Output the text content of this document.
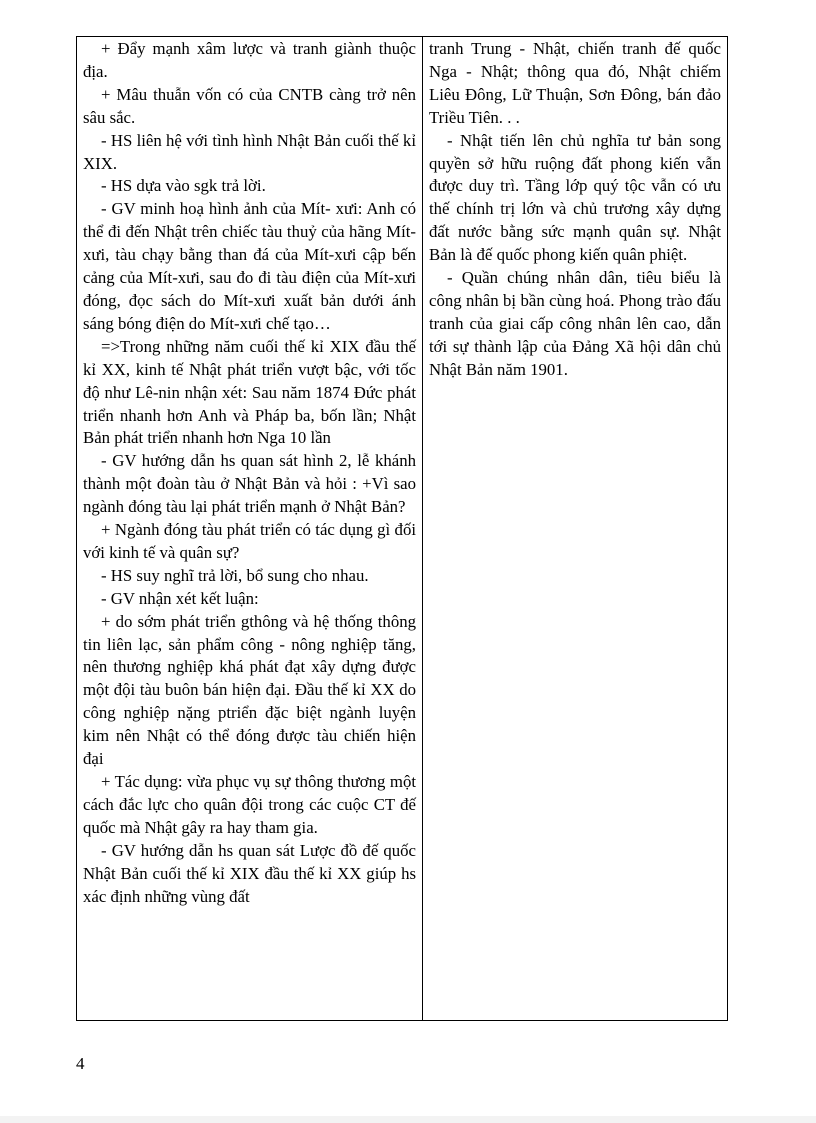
+ Đẩy mạnh xâm lược và tranh giành thuộc địa.

+ Mâu thuẫn vốn có của CNTB càng trở nên sâu sắc.

- HS liên hệ với tình hình Nhật Bản cuối thế kỉ XIX.

- HS dựa vào sgk trả lời.

- GV minh hoạ hình ảnh của Mít- xưi: Anh có thể đi đến Nhật trên chiếc tàu thuỷ của hãng Mít-xưi, tàu chạy bằng than đá của Mít-xưi cập bến cảng của Mít-xưi, sau đo đi tàu điện của Mít-xưi đóng, đọc sách do Mít-xưi xuất bản dưới ánh sáng bóng điện do Mít-xưi chế tạo…

=>Trong những năm cuối thế kỉ XIX đầu thế kỉ XX, kinh tế Nhật phát triển vượt bậc, với tốc độ như Lê-nin nhận xét: Sau năm 1874 Đức phát triển nhanh hơn Anh và Pháp ba, bốn lần; Nhật Bản phát triển nhanh hơn Nga 10 lần

- GV hướng dẫn hs quan sát hình 2, lễ khánh thành một đoàn tàu ở Nhật Bản và hỏi : +Vì sao ngành đóng tàu lại phát triển mạnh ở Nhật Bản?

+ Ngành đóng tàu phát triển có tác dụng gì đối với kinh tế và quân sự?

- HS suy nghĩ trả lời, bổ sung cho nhau.

- GV nhận xét kết luận:

+ do sớm phát triển gthông và hệ thống thông tin liên lạc, sản phẩm công - nông nghiệp tăng, nên thương nghiệp khá phát đạt xây dựng được một đội tàu buôn bán hiện đại. Đầu thế kỉ XX do công nghiệp nặng ptriển đặc biệt ngành luyện kim nên Nhật có thể đóng được tàu chiến hiện đại

+ Tác dụng: vừa phục vụ sự thông thương một cách đắc lực cho quân đội trong các cuộc CT đế quốc mà Nhật gây ra hay tham gia.

- GV hướng dẫn hs quan sát Lược đồ đế quốc Nhật Bản cuối thế kỉ XIX đầu thế kỉ XX giúp hs xác định những vùng đất

tranh Trung - Nhật, chiến tranh đế quốc Nga - Nhật; thông qua đó, Nhật chiếm Liêu Đông, Lữ Thuận, Sơn Đông, bán đảo Triều Tiên. . .

- Nhật tiến lên chủ nghĩa tư bản song quyền sở hữu ruộng đất phong kiến vẫn được duy trì. Tầng lớp quý tộc vẫn có ưu thế chính trị lớn và chủ trương xây dựng đất nước bằng sức mạnh quân sự. Nhật Bản là đế quốc phong kiến quân phiệt.

- Quần chúng nhân dân, tiêu biểu là công nhân bị bần cùng hoá. Phong trào đấu tranh của giai cấp công nhân lên cao, dẫn tới sự thành lập của Đảng Xã hội dân chủ Nhật Bản năm 1901.

4
